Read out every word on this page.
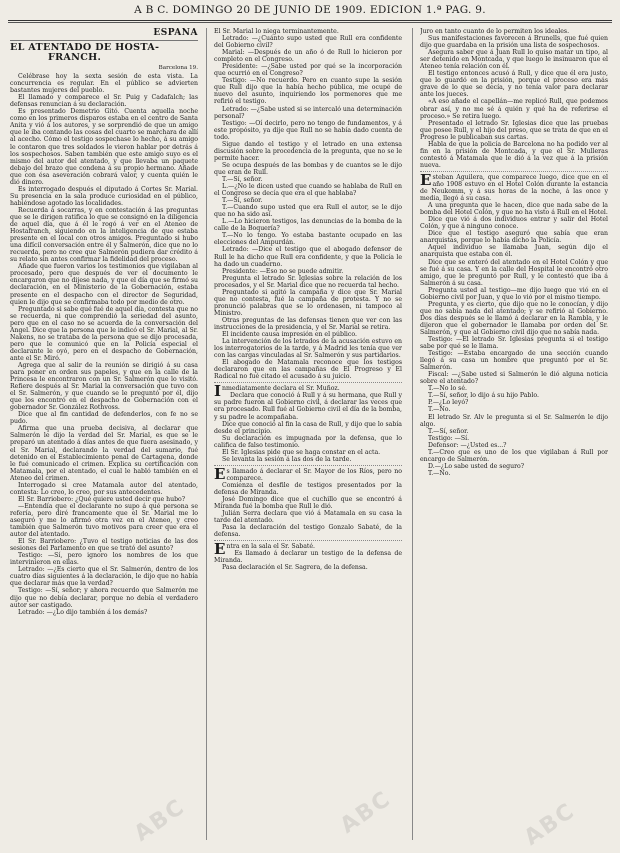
A B C. DOMINGO 20 DE JUNIO DE 1909. EDICION 1.ª PAG. 9.
ESPAÑA
EL ATENTADO DE HOSTA-
FRANCH.
Barcelona 19.

Celébrase hoy la sexta sesión de esta vista. La concurrencia es regular. En el público se advierten bastantes mujeres del pueblo.

El llamado y comparece el Sr. Puig y Cadafalch; las defensas renuncian á su declaración.

Es presentado Demetrio Gitó. Cuenta aquella noche como en los primeros disparos estaba en el centro de Santa Anita y vió á los autores, y se sorprendió de que un amigo que le iba contando las cosas del cuarto se marchara de allí al acecho. Cómo el testigo sospechase lo hecho, á su amigo le contaron que tres soldados le vieron hablar por detrás á los sospechosos. Saben también que este amigo suyo es el mismo del autor del atentado, y que llevaba un paquete debajo del brazo que condena á su propio hermano. Añade que con ésa aseveración cobrará valor, y cuenta quién le dió dinero.

Es interrogado después el diputado á Cortes Sr. Marial. Su presencia en la sala produce curiosidad en el público, habiéndose agotado las localidades.

Recuerda á socarras, y en contestación á las preguntas que se le dirigen ratifica lo que se consignó en la diligencia de aquel día, que á él le rogó á ver en el Ateneo de Hostafranch, siguiendo en la inteligencia de que estaba presente en el local con otros amigos. Preguntado si hubo una difícil conversación entre él y Salmerón, dice que no lo recuerda, pero no cree que Salmerón pudiera dar crédito á su relato sin antes confirmar la fidelidad del proceso.

Añade que fueron varios los testimonios que vigilaban al procesado, pero que después de ver el documento le encargaron que no dijese nada, y que el día que se firmó su declaración, en el Ministerio de la Gobernación, estaba presente en el despacho con el director de Seguridad, quien le dijo que se confirmaba todo por medio de otro.

Preguntado si sabe qué fué de aquel día, contesta que no se recuerda, ni que comprendió la seriedad del asunto, pero que en el caso no se acuerda de la conversación del Angel. Dice que la persona que le indicó el Sr. Marial, al Sr. Nakens, no se trataba de la persona que se dijo procesada, pero que le comunicó que en la Policía especial el declarante le oyó, pero en el despacho de Gobernación, ante el Sr. Miró.

Agrega que al salir de la reunión se dirigió á su casa para poner en orden sus papeles, y que en la calle de la Princesa le encontraron con un Sr. Salmerón que lo visitó. Refiere después al Sr. Marial la conversación que tuvo con el Sr. Salmerón, y que cuando se le preguntó por él, dijo que los encontró en el despacho de Gobernación con el gobernador Sr. González Rothvoss.

Dice que al fin cantidad de defenderlos, con fe no se pudo.

Afirma que una prueba decisiva, al declarar que Salmerón le dijo la verdad del Sr. Marial, es que se le preparó un atentado á días antes de que fuera asesinado, y el Sr. Marial, declarando la verdad del sumario, fué detenido en el Establecimiento penal de Cartagena, donde le fué comunicado el crimen. Explica su certificación con Matamala, por el atentado, el cual le habló también en el Ateneo del crimen.

Interrogado si cree Matamala autor del atentado, contesta: Lo creo, lo creo, por sus antecedentes.

El Sr. Barriobero: ¿Qué quiere usted decir que hubo?

—Entendía que el declarante no supo á qué persona se refería, pero diré francamente que el Sr. Marial me lo aseguró y me lo afirmó otra vez en el Ateneo, y creo también que Salmerón tuvo motivos para creer que era el autor del atentado.

El Sr. Barriobero: ¿Tuvo el testigo noticias de las dos sesiones del Parlamento en que se trató del asunto?

Testigo: —Sí, pero ignoro los nombres de los que intervinieron en ellas.

Letrado: —¿Es cierto que el Sr. Salmerón, dentro de los cuatro días siguientes á la declaración, le dijo que no había que declarar más que la verdad?

Testigo: —Sí, señor; y ahora recuerdo que Salmerón me dijo que no debía declarar, porque no debía el verdadero autor ser castigado.

Letrado: —¿Lo dijo también á los demás?

El Sr. Marial lo niega terminantemente.

Letrado: —¿Cuánto supo usted que Rull era confidente del Gobierno civil?

Marial: —Después de un año ó de Rull lo hicieron por completo en el Congreso.

Presidente: —¿Sabe usted por qué se la incorporación que ocurrió en el Congreso?

Testigo: —No recuerdo. Pero en cuanto supe la sesión que Rull dijo que la había hecho pública, me ocupé de nuevo del asunto, inquiriendo los pormenores que me refirió el testigo.

Letrado: —¿Sabe usted si se intercaló una determinación personal?

Testigo: —Oí decirlo, pero no tengo de fundamentos, y á este propósito, ya dije que Rull no se había dado cuenta de todo.

Sigue dando el testigo y el letrado en una extensa discusión sobre la procedencia de la pregunta, que no se le permite hacer.

Se ocupa después de las bombas y de cuantos se le dijo que eran de Rull.

T.—Sí, señor.

L.—¿No le dicen usted que cuando se hablaba de Rull en el Congreso se decía que era el que hablaba?

T.—Sí, señor.

T.—Cuando supo usted que era Rull el autor, se le dijo que no ha sido así.

L.—Lo hicieron testigos, las denuncias de la bomba de la calle de la Boquería?

T.—No lo tengo. Yo estaba bastante ocupado en las elecciones del Ampurdán.

Letrado: —Dice el testigo que el abogado defensor de Rull le ha dicho que Rull era confidente, y que la Policía le ha dado un cuaderno.

Presidente: —Eso no se puede admitir.

Pregunta el letrado Sr. Iglesias sobre la relación de los procesados, y el Sr. Marial dice que no recuerda tal hecho.

Preguntado si agitó la campaña y dice que Sr. Marial que no contesta, fué la campaña de protesta. Y no se pronunció palabras que se lo ordenasen, ni tampoco al Ministro.

Otras preguntas de las defensas tienen que ver con las instrucciones de la presidencia, y el Sr. Marial se retira.

El incidente causa impresión en el público.

La intervención de los letrados de la acusación estuvo en los interrogatorios de la tarde, y á Madrid les tenía que ver con las cargas vinculadas al Sr. Salmerón y sus partidarios.

El abogado de Matamala reconoce que los testigos declararon que en las campañas de El Progreso y El Radical no fué citado el acusado á su juicio.

Inmediatamente declara el Sr. Muñoz.

Declara que conoció á Rull y á su hermana, que Rull y su padre fueron al Gobierno civil, á declarar las veces que era procesado. Rull fué al Gobierno civil el día de la bomba, y su padre le acompañaba.

Dice que conoció al fin la casa de Rull, y dijo que lo sabía desde el principio.

Su declaración es impugnada por la defensa, que lo califica de falso testimonio.

El Sr. Iglesias pide que se haga constar en el acta.

Se levanta la sesión á las dos de la tarde.

Es llamado á declarar el Sr. Mayor de los Ríos, pero no comparece.

Comienza el desfile de testigos presentados por la defensa de Miranda.

José Domingo dice que el cuchillo que se encontró á Miranda fué la bomba que Rull le dió.

Julián Serra declara que vió á Matamala en su casa la tarde del atentado.

Pasa la declaración del testigo Gonzalo Sabaté, de la defensa.

Entra en la sala el Sr. Sabaté.

Es llamado á declarar un testigo de la defensa de Miranda.

Pasa declaración el Sr. Sagrera, de la defensa.

Juro en tanto cuanto de lo permiten los ideales.

Sus manifestaciones favorecen á Brunells, que fué quien dijo que guardaba en la prisión una lista de sospechosos.

Asegura saber que á Juan Rull lo quiso matar un tipo, al ser detenido en Montcada, y que luego le insinuaron que el Ateneo tenía relación con él.

El testigo entonces acusó á Rull, y dice que él era justo, que lo guardó en la prisión, porque el proceso era más grave de lo que se decía, y no tenía valor para declarar ante los jueces.

«A eso añade el capellán—me replicó Rull, que podemos obrar así, y no me sé á quién y qué ha de referirse el proceso.» Se retira luego.

Presentado el letrado Sr. Iglesias dice que las pruebas que posee Rull, y el hijo del preso, que se trata de que en el Progreso le publicaban sus cartas.

Habla de que la policía de Barcelona no ha podido ver al fin en la prisión de Montcada, y que el Sr. Mulleras contestó á Matamala que le dió á la vez que á la prisión nueva.

Esteban Aguilera, que comparece luego, dice que en el año 1908 estuvo en el Hotel Colón durante la estancia de Neukomm, y á sus horas de la noche, á las once y media, llegó á su casa.

A una pregunta que le hacen, dice que nada sabe de la bomba del Hotel Colón, y que no ha visto á Rull en el Hotel.

Dice que vió á dos individuos entrar y salir del Hotel Colón, y que á ninguno conoce.

Dice que el testigo aseguró que sabía que eran anarquistas, porque lo había dicho la Policía.

Aquel individuo se llamaba Juan, según dijo el anarquista que estaba con él.

Dice que se enteró del atentado en el Hotel Colón y que se fué á su casa. Y en la calle del Hospital le encontró otro amigo, que le preguntó por Rull, y le contestó que iba á Salmerón á su casa.

Pregunta usted al testigo—me dijo luego que vió en el Gobierno civil por Juan, y que lo vió por el mismo tiempo.

Pregunta, y es cierto, que dijo que no le conocían, y dijo que no sabía nada del atentado; y se refirió al Gobierno. Dos días después se le llamó á declarar en la Rambla, y le dijeron que el gobernador le llamaba por orden del Sr. Salmerón, y que al Gobierno civil dijo que no sabía nada.

Testigo: —El letrado Sr. Iglesias pregunta si el testigo sabe por qué se le llama.

Testigo: —Estaba encargado de una sección cuando llegó á su casa un hombre que preguntó por el Sr. Salmerón.

Fiscal: —¿Sabe usted si Salmerón le dió alguna noticia sobre el atentado?

T.—No lo sé.

T.—Sí, señor, lo dijo á su hijo Pablo.

P.—¿Lo leyó?

T.—No.

El letrado Sr. Alv le pregunta si el Sr. Salmerón le dijo algo.

T.—Sí, señor.

Testigo: —Sí.

Defensor: —¿Usted es...?

T.—Creo que es uno de los que vigilaban á Rull por encargo de Salmerón.

D.—¿Lo sabe usted de seguro?

T.—No.

ABC	ABC	ABC
